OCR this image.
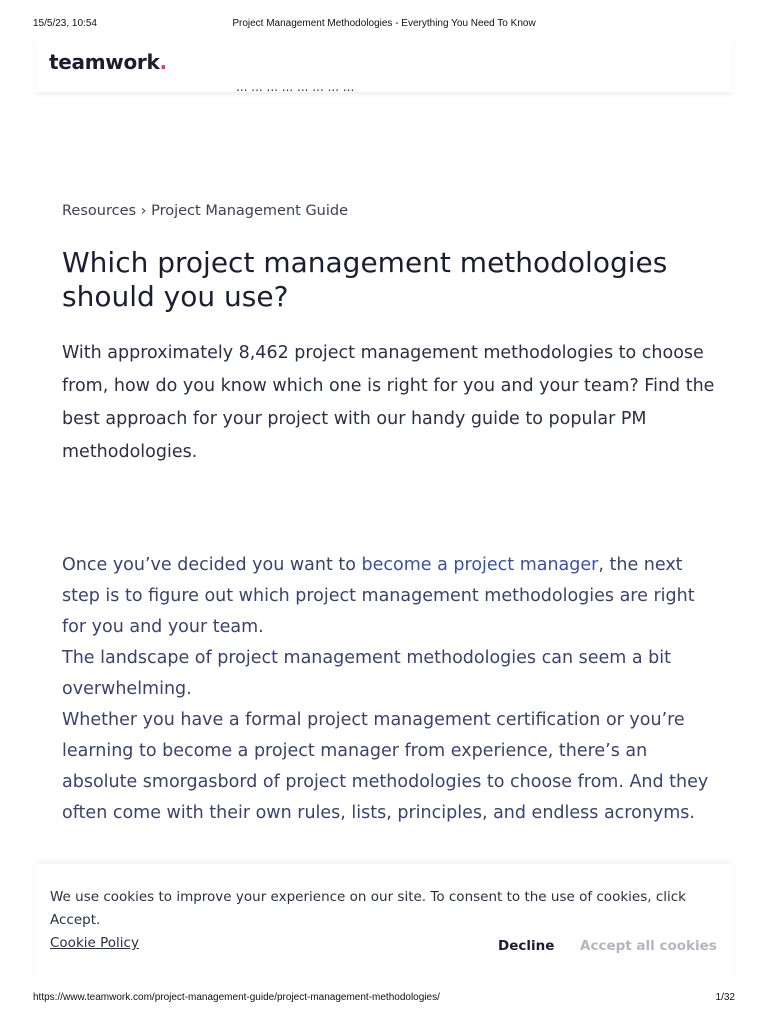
15/5/23, 10:54	Project Management Methodologies - Everything You Need To Know
teamwork.
... ... ... ... ... ... ... ...
Resources › Project Management Guide
Which project management methodologies should you use?

With approximately 8,462 project management methodologies to choose from, how do you know which one is right for you and your team? Find the best approach for your project with our handy guide to popular PM methodologies.

Once you’ve decided you want to become a project manager, the next step is to figure out which project management methodologies are right for you and your team.

The landscape of project management methodologies can seem a bit overwhelming.

Whether you have a formal project management certification or you’re learning to become a project manager from experience, there’s an absolute smorgasbord of project methodologies to choose from. And they often come with their own rules, lists, principles, and endless acronyms.

We use cookies to improve your experience on our site. To consent to the use of cookies, click Accept.
Cookie Policy	Decline Accept all cookies
https://www.teamwork.com/project-management-guide/project-management-methodologies/	1/32
